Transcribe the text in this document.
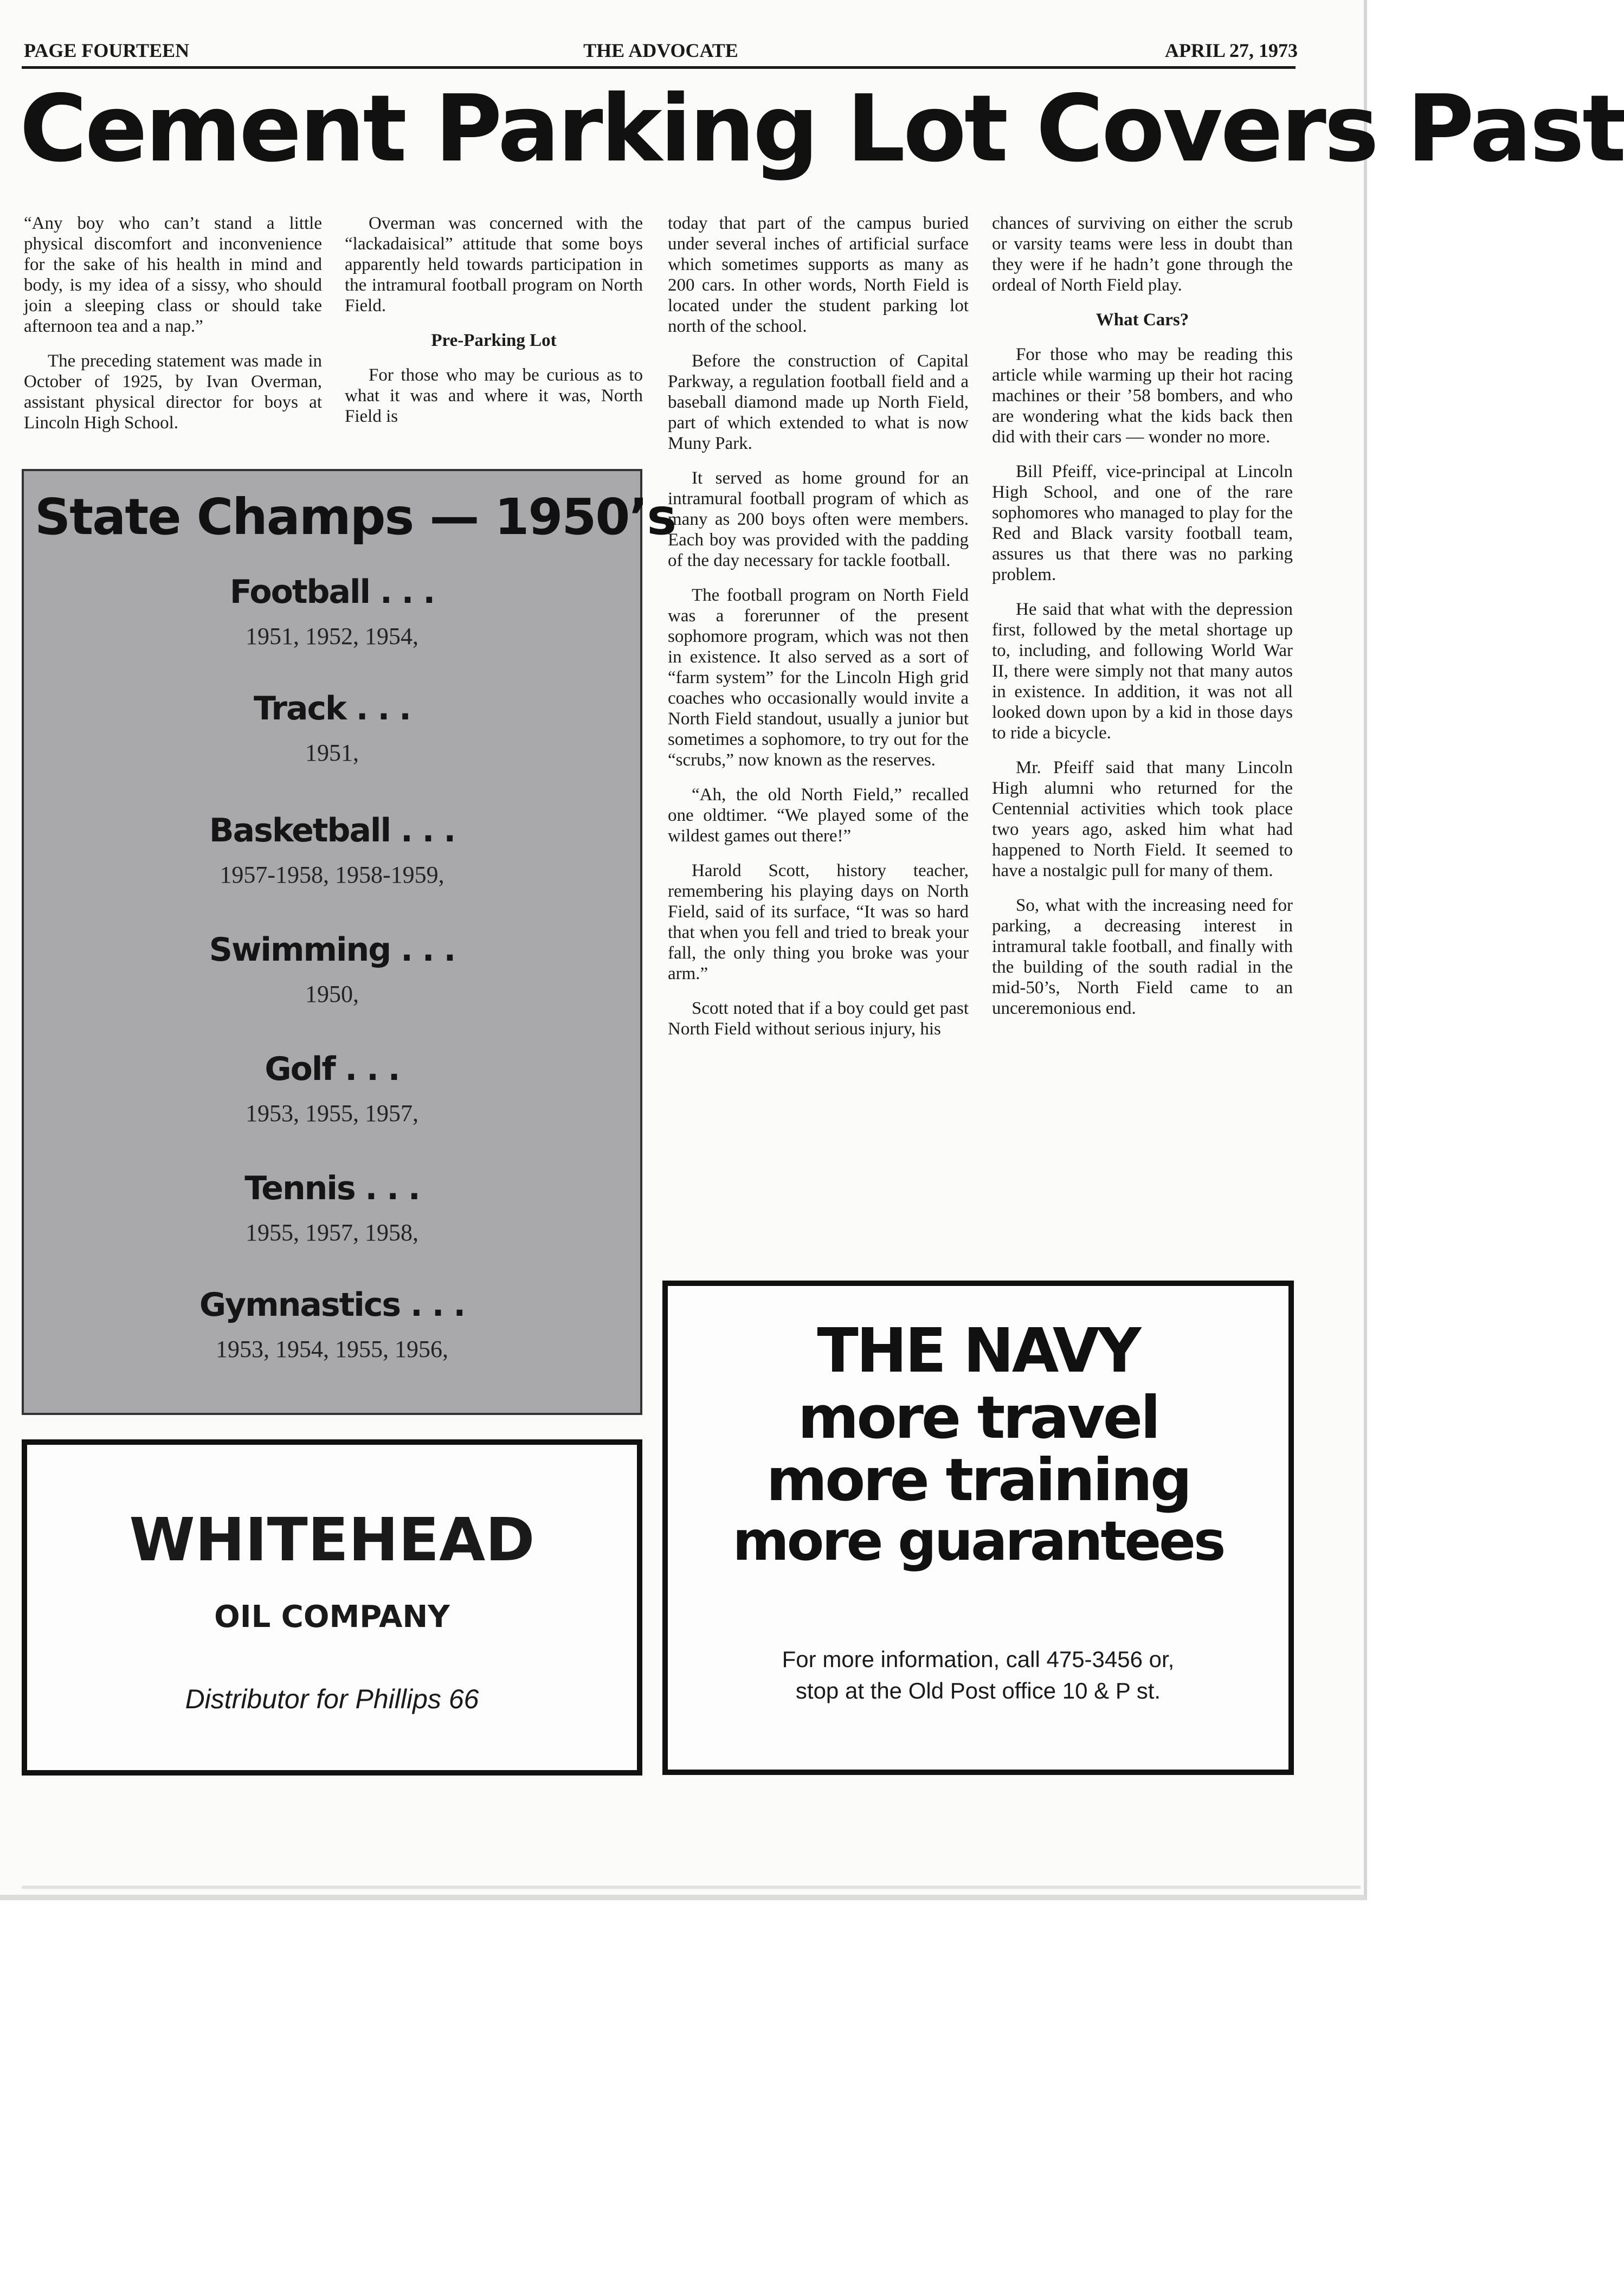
PAGE FOURTEEN	THE ADVOCATE	APRIL 27, 1973
Cement Parking Lot Covers Past

“Any boy who can’t stand a little physical discomfort and inconvenience for the sake of his health in mind and body, is my idea of a sissy, who should join a sleeping class or should take afternoon tea and a nap.”

The preceding statement was made in October of 1925, by Ivan Overman, assistant physical director for boys at Lincoln High School.

Overman was concerned with the “lackadaisical” attitude that some boys apparently held towards participation in the intramural football program on North Field.

Pre-Parking Lot

For those who may be curious as to what it was and where it was, North Field is

today that part of the campus buried under several inches of artificial surface which sometimes supports as many as 200 cars. In other words, North Field is located under the student parking lot north of the school.

Before the construction of Capital Parkway, a regulation football field and a baseball diamond made up North Field, part of which extended to what is now Muny Park.

It served as home ground for an intramural football program of which as many as 200 boys often were members. Each boy was provided with the padding of the day necessary for tackle football.

The football program on North Field was a forerunner of the present sophomore program, which was not then in existence. It also served as a sort of “farm system” for the Lincoln High grid coaches who occasionally would invite a North Field standout, usually a junior but sometimes a sophomore, to try out for the “scrubs,” now known as the reserves.

“Ah, the old North Field,” recalled one oldtimer. “We played some of the wildest games out there!”

Harold Scott, history teacher, remembering his playing days on North Field, said of its surface, “It was so hard that when you fell and tried to break your fall, the only thing you broke was your arm.”

Scott noted that if a boy could get past North Field without serious injury, his

chances of surviving on either the scrub or varsity teams were less in doubt than they were if he hadn’t gone through the ordeal of North Field play.

What Cars?

For those who may be reading this article while warming up their hot racing machines or their ’58 bombers, and who are wondering what the kids back then did with their cars — wonder no more.

Bill Pfeiff, vice-principal at Lincoln High School, and one of the rare sophomores who managed to play for the Red and Black varsity football team, assures us that there was no parking problem.

He said that what with the depression first, followed by the metal shortage up to, including, and following World War II, there were simply not that many autos in existence. In addition, it was not all looked down upon by a kid in those days to ride a bicycle.

Mr. Pfeiff said that many Lincoln High alumni who returned for the Centennial activities which took place two years ago, asked him what had happened to North Field. It seemed to have a nostalgic pull for many of them.

So, what with the increasing need for parking, a decreasing interest in intramural takle football, and finally with the building of the south radial in the mid-50’s, North Field came to an unceremonious end.

State Champs — 1950’s
Football . . .
1951, 1952, 1954,
Track . . .
1951,
Basketball . . .
1957-1958, 1958-1959,
Swimming . . .
1950,
Golf . . .
1953, 1955, 1957,
Tennis . . .
1955, 1957, 1958,
Gymnastics . . .
1953, 1954, 1955, 1956,
WHITEHEAD
OIL COMPANY
Distributor for Phillips 66
THE NAVY
more travel
more training
more guarantees
For more information, call 475-3456 or,
stop at the Old Post office 10 & P st.
